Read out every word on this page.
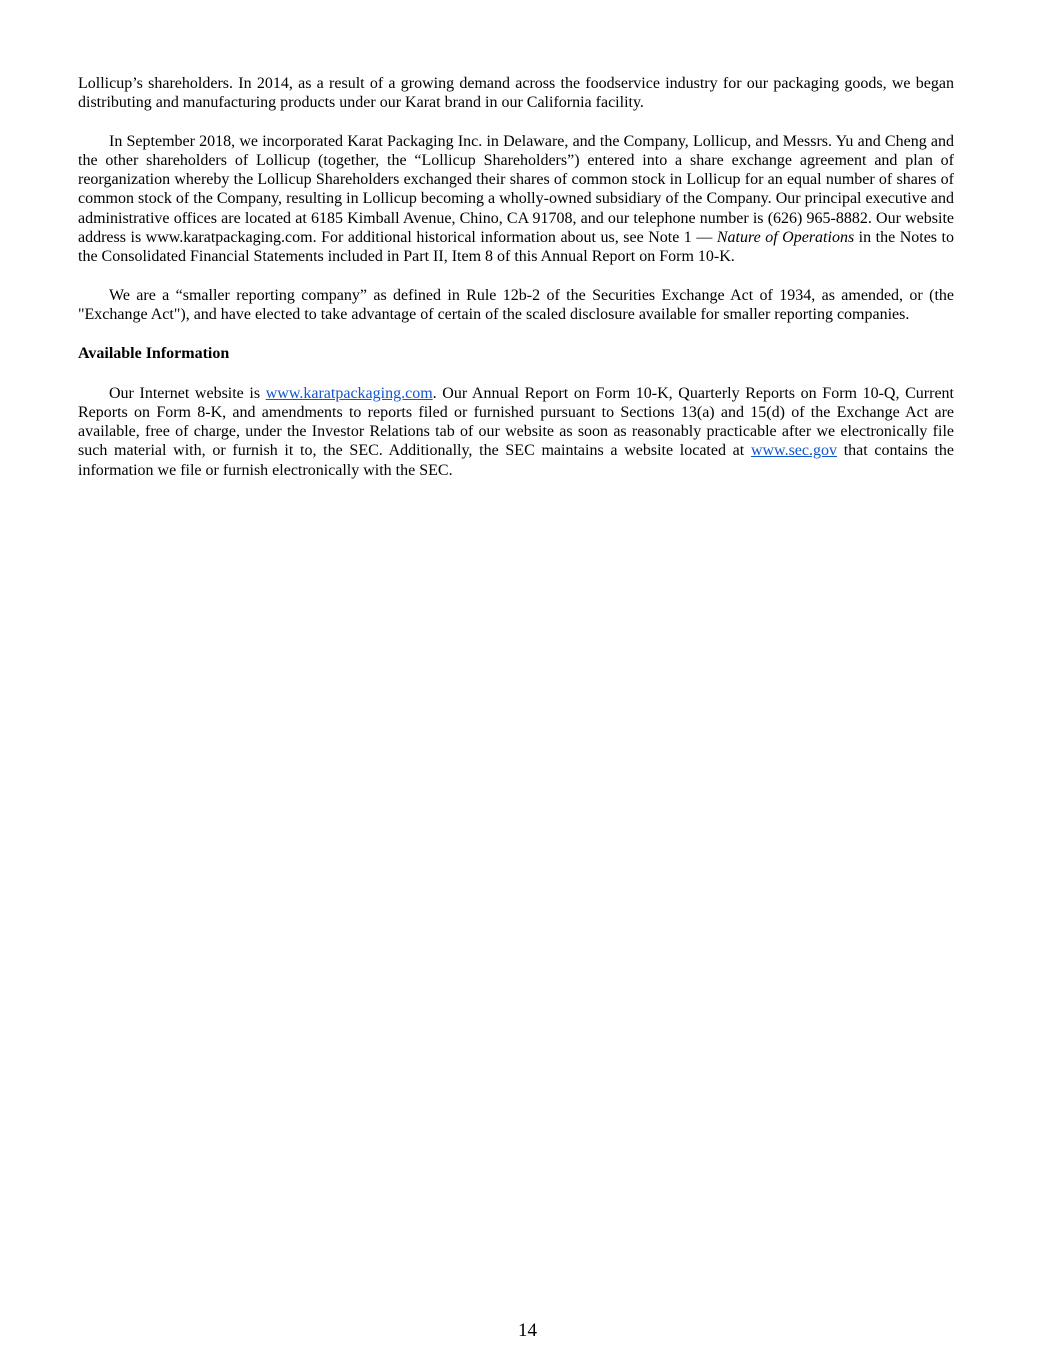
Lollicup’s shareholders. In 2014, as a result of a growing demand across the foodservice industry for our packaging goods, we began distributing and manufacturing products under our Karat brand in our California facility.

In September 2018, we incorporated Karat Packaging Inc. in Delaware, and the Company, Lollicup, and Messrs. Yu and Cheng and the other shareholders of Lollicup (together, the “Lollicup Shareholders”) entered into a share exchange agreement and plan of reorganization whereby the Lollicup Shareholders exchanged their shares of common stock in Lollicup for an equal number of shares of common stock of the Company, resulting in Lollicup becoming a wholly-owned subsidiary of the Company. Our principal executive and administrative offices are located at 6185 Kimball Avenue, Chino, CA 91708, and our telephone number is (626) 965-8882. Our website address is www.karatpackaging.com. For additional historical information about us, see Note 1 — Nature of Operations in the Notes to the Consolidated Financial Statements included in Part II, Item 8 of this Annual Report on Form 10-K.

We are a “smaller reporting company” as defined in Rule 12b-2 of the Securities Exchange Act of 1934, as amended, or (the "Exchange Act"), and have elected to take advantage of certain of the scaled disclosure available for smaller reporting companies.

Available Information

Our Internet website is www.karatpackaging.com. Our Annual Report on Form 10-K, Quarterly Reports on Form 10-Q, Current Reports on Form 8-K, and amendments to reports filed or furnished pursuant to Sections 13(a) and 15(d) of the Exchange Act are available, free of charge, under the Investor Relations tab of our website as soon as reasonably practicable after we electronically file such material with, or furnish it to, the SEC. Additionally, the SEC maintains a website located at www.sec.gov that contains the information we file or furnish electronically with the SEC.

14
